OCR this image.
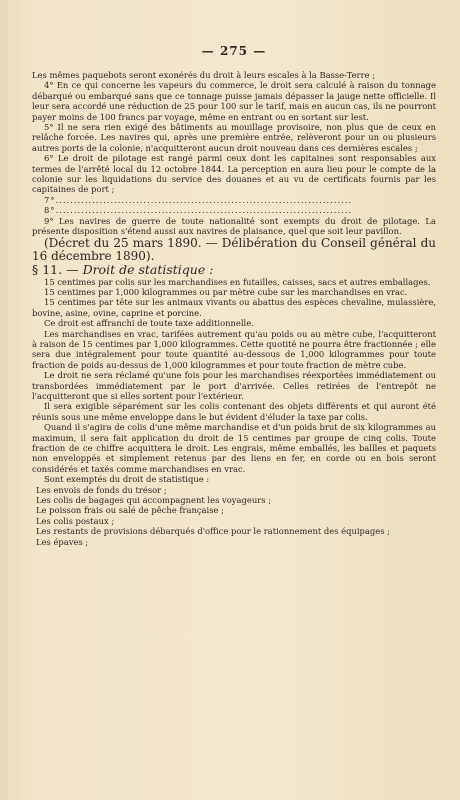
— 275 —

Les mêmes paquebots seront exonérés du droit à leurs escales à la Basse-Terre ;

4° En ce qui concerne les vapeurs du commerce, le droit sera calculé à raison du tonnage débarqué ou embarqué sans que ce tonnage puisse jamais dépasser la jauge nette officielle. Il leur sera accordé une réduction de 25 pour 100 sur le tarif, mais en aucun cas, ils ne pourront payer moins de 100 francs par voyage, même en entrant ou en sortant sur lest.

5° Il ne sera rien exigé des bâtiments au mouillage provisoire, non plus que de ceux en relâche forcée. Les navires qui, après une première entrée, relèveront pour un ou plusieurs autres ports de la colonie, n'acquitteront aucun droit nouveau dans ces dernières escales ;

6° Le droit de pilotage est rangé parmi ceux dont les capitaines sont responsables aux termes de l'arrêté local du 12 octobre 1844. La perception en aura lieu pour le compte de la colonie sur les liquidations du service des douanes et au vu de certificats fournis par les capitaines de port ;

7°.................................................................................

8°.................................................................................

9° Les navires de guerre de toute nationalité sont exempts du droit de pilotage. La présente disposition s'étend aussi aux navires de plaisance, quel que soit leur pavillon.

(Décret du 25 mars 1890. — Délibération du Conseil général du 16 décembre 1890).

§ 11. — Droit de statistique :

15 centimes par colis sur les marchandises en futailles, caisses, sacs et autres emballages.

15 centimes par 1,000 kilogrammes ou par mètre cube sur les marchandises en vrac.

15 centimes par tête sur les animaux vivants ou abattus des espèces chevaline, mulassière, bovine, asine, ovine, caprine et porcine.

Ce droit est affranchi de toute taxe additionnelle.

Les marchandises en vrac, tarifées autrement qu'au poids ou au mètre cube, l'acquitteront à raison de 15 centimes par 1,000 kilogrammes. Cette quotité ne pourra être fractionnée ; elle sera due intégralement pour toute quantité au-dessous de 1,000 kilogrammes pour toute fraction de poids au-dessus de 1,000 kilogrammes et pour toute fraction de mètre cube.

Le droit ne sera réclamé qu'une fois pour les marchandises réexportées immédiatement ou transbordées immédiatement par le port d'arrivée. Celles retirées de l'entrepôt ne l'acquitteront que si elles sortent pour l'extérieur.

Il sera exigible séparément sur les colis contenant des objets différents et qui auront été réunis sous une même enveloppe dans le but évident d'éluder la taxe par colis.

Quand il s'agira de colis d'une même marchandise et d'un poids brut de six kilogrammes au maximum, il sera fait application du droit de 15 centimes par groupe de cinq colis. Toute fraction de ce chiffre acquittera le droit. Les engrais, même emballés, les ballles et paquets non enveloppés et simplement retenus par des liens en fer, en corde ou en bois seront considérés et taxés comme marchandises en vrac.

Sont exemptés du droit de statistique :

Les envois de fonds du trésor ;

Les colis de bagages qui accompagnent les voyageurs ;

Le poisson frais ou salé de pêche française ;

Les colis postaux ;

Les restants de provisions débarqués d'office pour le rationnement des équipages ;

Les épaves ;
